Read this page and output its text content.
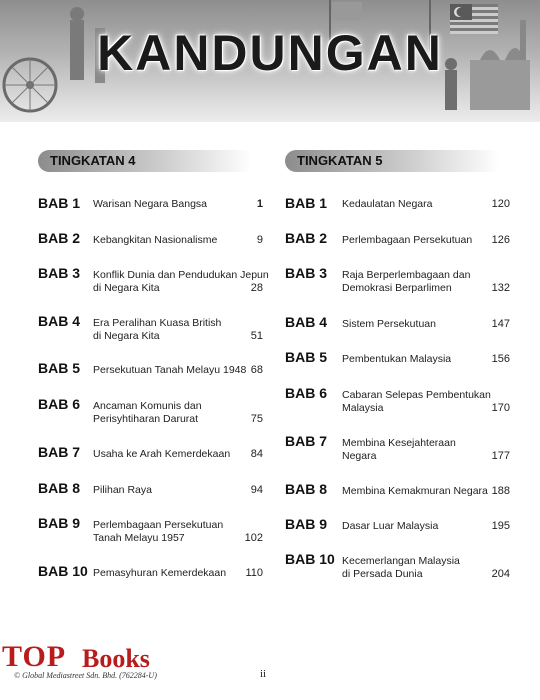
KANDUNGAN
TINGKATAN 4	TINGKATAN 5
BAB 1 Warisan Negara Bangsa	1
BAB 2 Kebangkitan Nasionalisme	9
BAB 3 Konflik Dunia dan Pendudukan Jepun
di Negara Kita	28
BAB 4 Era Peralihan Kuasa British
di Negara Kita	51
BAB 5 Persekutuan Tanah Melayu 1948 68
BAB 6 Ancaman Komunis dan
Perisyhtiharan Darurat	75
BAB 7 Usaha ke Arah Kemerdekaan	84
BAB 8 Pilihan Raya	94
BAB 9 Perlembagaan Persekutuan
Tanah Melayu 1957	102
BAB 10 Pemasyhuran Kemerdekaan	110
BAB 1 Kedaulatan Negara	120
BAB 2 Perlembagaan Persekutuan	126
BAB 3 Raja Berperlembagaan dan
Demokrasi Berparlimen	132
BAB 4 Sistem Persekutuan	147
BAB 5 Pembentukan Malaysia	156
BAB 6 Cabaran Selepas Pembentukan
Malaysia	170
BAB 7 Membina Kesejahteraan
Negara	177
BAB 8 Membina Kemakmuran Negara 188
BAB 9 Dasar Luar Malaysia	195
BAB 10 Kecemerlangan Malaysia
di Persada Dunia	204
TOP Books
© Global Mediastreet Sdn. Bhd. (762284-U)	ii
